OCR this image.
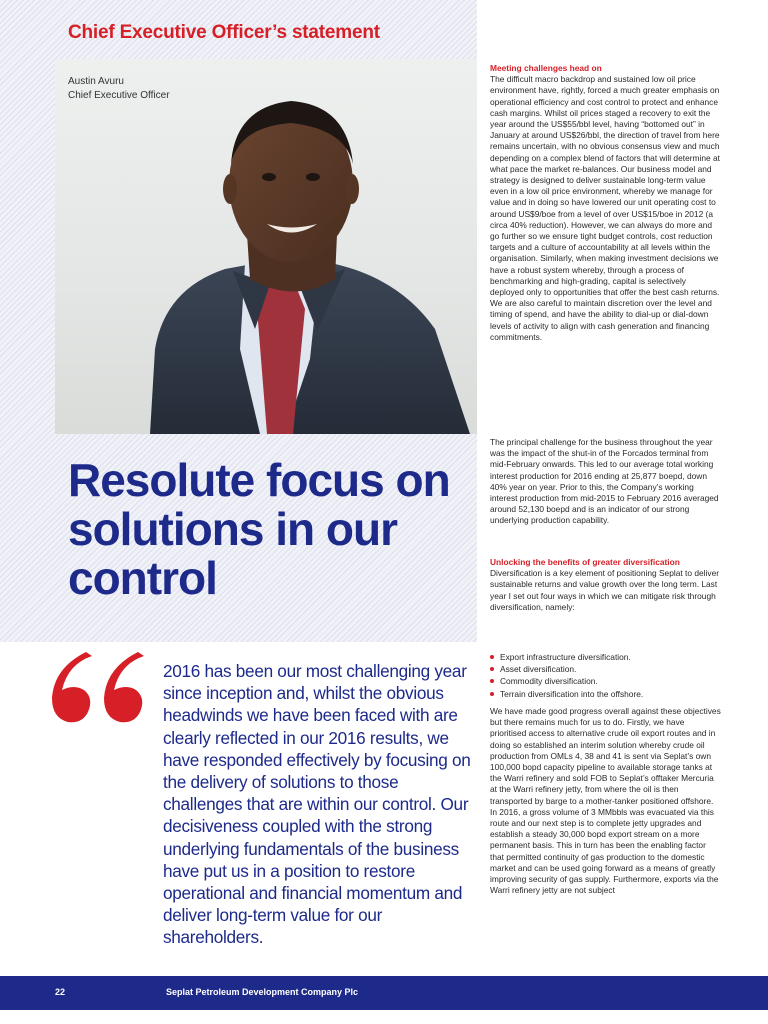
Chief Executive Officer’s statement
Austin Avuru
Chief Executive Officer
Resolute focus on solutions in our control

2016 has been our most challenging year since inception and, whilst the obvious headwinds we have been faced with are clearly reflected in our 2016 results, we have responded effectively by focusing on the delivery of solutions to those challenges that are within our control. Our decisiveness coupled with the strong underlying fundamentals of the business have put us in a position to restore operational and financial momentum and deliver long-term value for our shareholders.

Meeting challenges head on

The difficult macro backdrop and sustained low oil price environment have, rightly, forced a much greater emphasis on operational efficiency and cost control to protect and enhance cash margins. Whilst oil prices staged a recovery to exit the year around the US$55/bbl level, having “bottomed out” in January at around US$26/bbl, the direction of travel from here remains uncertain, with no obvious consensus view and much depending on a complex blend of factors that will determine at what pace the market re-balances. Our business model and strategy is designed to deliver sustainable long-term value even in a low oil price environment, whereby we manage for value and in doing so have lowered our unit operating cost to around US$9/boe from a level of over US$15/boe in 2012 (a circa 40% reduction). However, we can always do more and go further so we ensure tight budget controls, cost reduction targets and a culture of accountability at all levels within the organisation. Similarly, when making investment decisions we have a robust system whereby, through a process of benchmarking and high-grading, capital is selectively deployed only to opportunities that offer the best cash returns. We are also careful to maintain discretion over the level and timing of spend, and have the ability to dial-up or dial-down levels of activity to align with cash generation and financing commitments.

The principal challenge for the business throughout the year was the impact of the shut-in of the Forcados terminal from mid-February onwards. This led to our average total working interest production for 2016 ending at 25,877 boepd, down 40% year on year. Prior to this, the Company’s working interest production from mid-2015 to February 2016 averaged around 52,130 boepd and is an indicator of our strong underlying production capability.

Unlocking the benefits of greater diversification

Diversification is a key element of positioning Seplat to deliver sustainable returns and value growth over the long term. Last year I set out four ways in which we can mitigate risk through diversification, namely:

Export infrastructure diversification.
Asset diversification.
Commodity diversification.
Terrain diversification into the offshore.

We have made good progress overall against these objectives but there remains much for us to do. Firstly, we have prioritised access to alternative crude oil export routes and in doing so established an interim solution whereby crude oil production from OMLs 4, 38 and 41 is sent via Seplat’s own 100,000 bopd capacity pipeline to available storage tanks at the Warri refinery and sold FOB to Seplat’s offtaker Mercuria at the Warri refinery jetty, from where the oil is then transported by barge to a mother-tanker positioned offshore. In 2016, a gross volume of 3 MMbbls was evacuated via this route and our next step is to complete jetty upgrades and establish a steady 30,000 bopd export stream on a more permanent basis. This in turn has been the enabling factor that permitted continuity of gas production to the domestic market and can be used going forward as a means of greatly improving security of gas supply. Furthermore, exports via the Warri refinery jetty are not subject

22	Seplat Petroleum Development Company Plc
